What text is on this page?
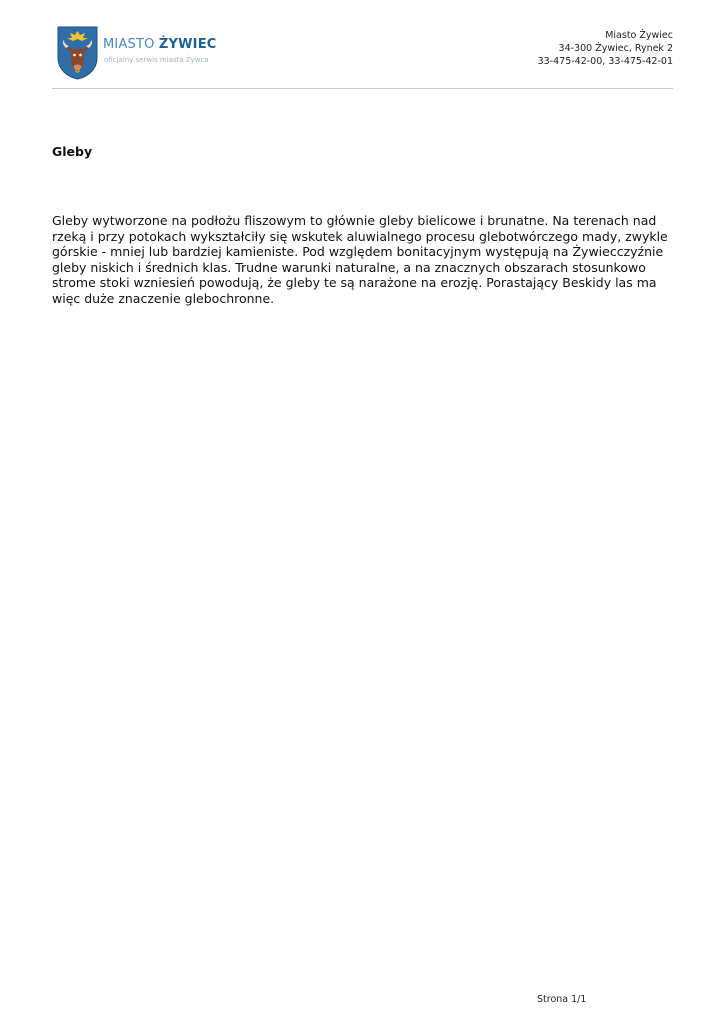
MIASTO ŻYWIEC
oficjalny serwis miasta Żywca
Miasto Żywiec
34-300 Żywiec, Rynek 2
33-475-42-00, 33-475-42-01
Gleby

Gleby wytworzone na podłożu fliszowym to głównie gleby bielicowe i brunatne. Na terenach nad rzeką i przy potokach wykształciły się wskutek aluwialnego procesu glebotwórczego mady, zwykle górskie - mniej lub bardziej kamieniste. Pod względem bonitacyjnym występują na Żywiecczyźnie gleby niskich i średnich klas. Trudne warunki naturalne, a na znacznych obszarach stosunkowo strome stoki wzniesień powodują, że gleby te są narażone na erozję. Porastający Beskidy las ma więc duże znaczenie glebochronne.

Strona 1/1
